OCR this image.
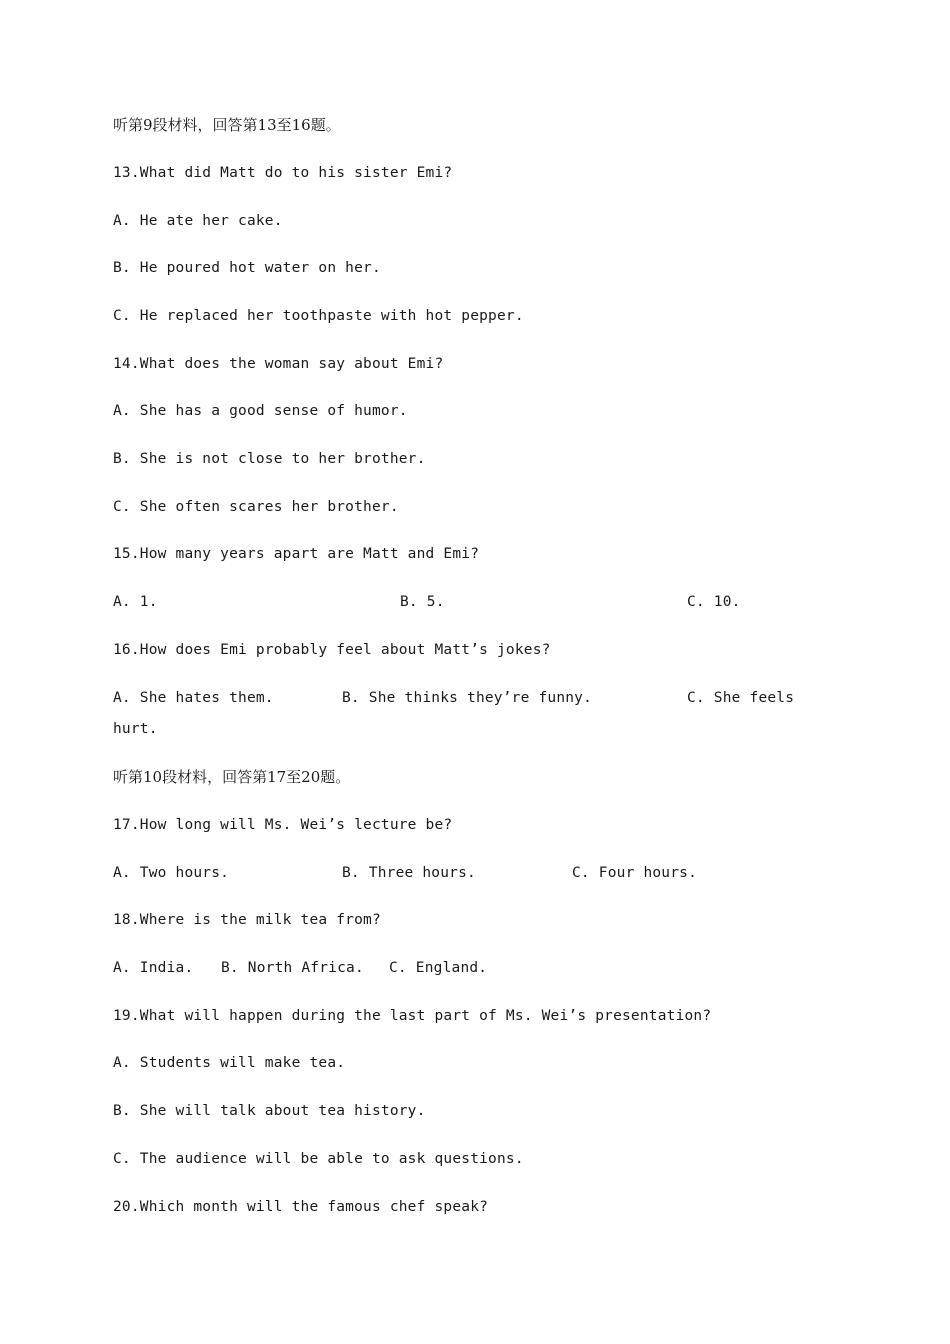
听第9段材料，回答第13至16题。
13.What did Matt do to his sister Emi?
A. He ate her cake.
B. He poured hot water on her.
C. He replaced her toothpaste with hot pepper.
14.What does the woman say about Emi?
A. She has a good sense of humor.
B. She is not close to her brother.
C. She often scares her brother.
15.How many years apart are Matt and Emi?
A. 1.	B. 5.	C. 10.
16.How does Emi probably feel about Matt’s jokes?
A. She hates them.	B. She thinks they’re funny.	C. She feels
hurt.
听第10段材料，回答第17至20题。
17.How long will Ms. Wei’s lecture be?
A. Two hours.	B. Three hours.	C. Four hours.
18.Where is the milk tea from?
A. India. B. North Africa. C. England.
19.What will happen during the last part of Ms. Wei’s presentation?
A. Students will make tea.
B. She will talk about tea history.
C. The audience will be able to ask questions.
20.Which month will the famous chef speak?
